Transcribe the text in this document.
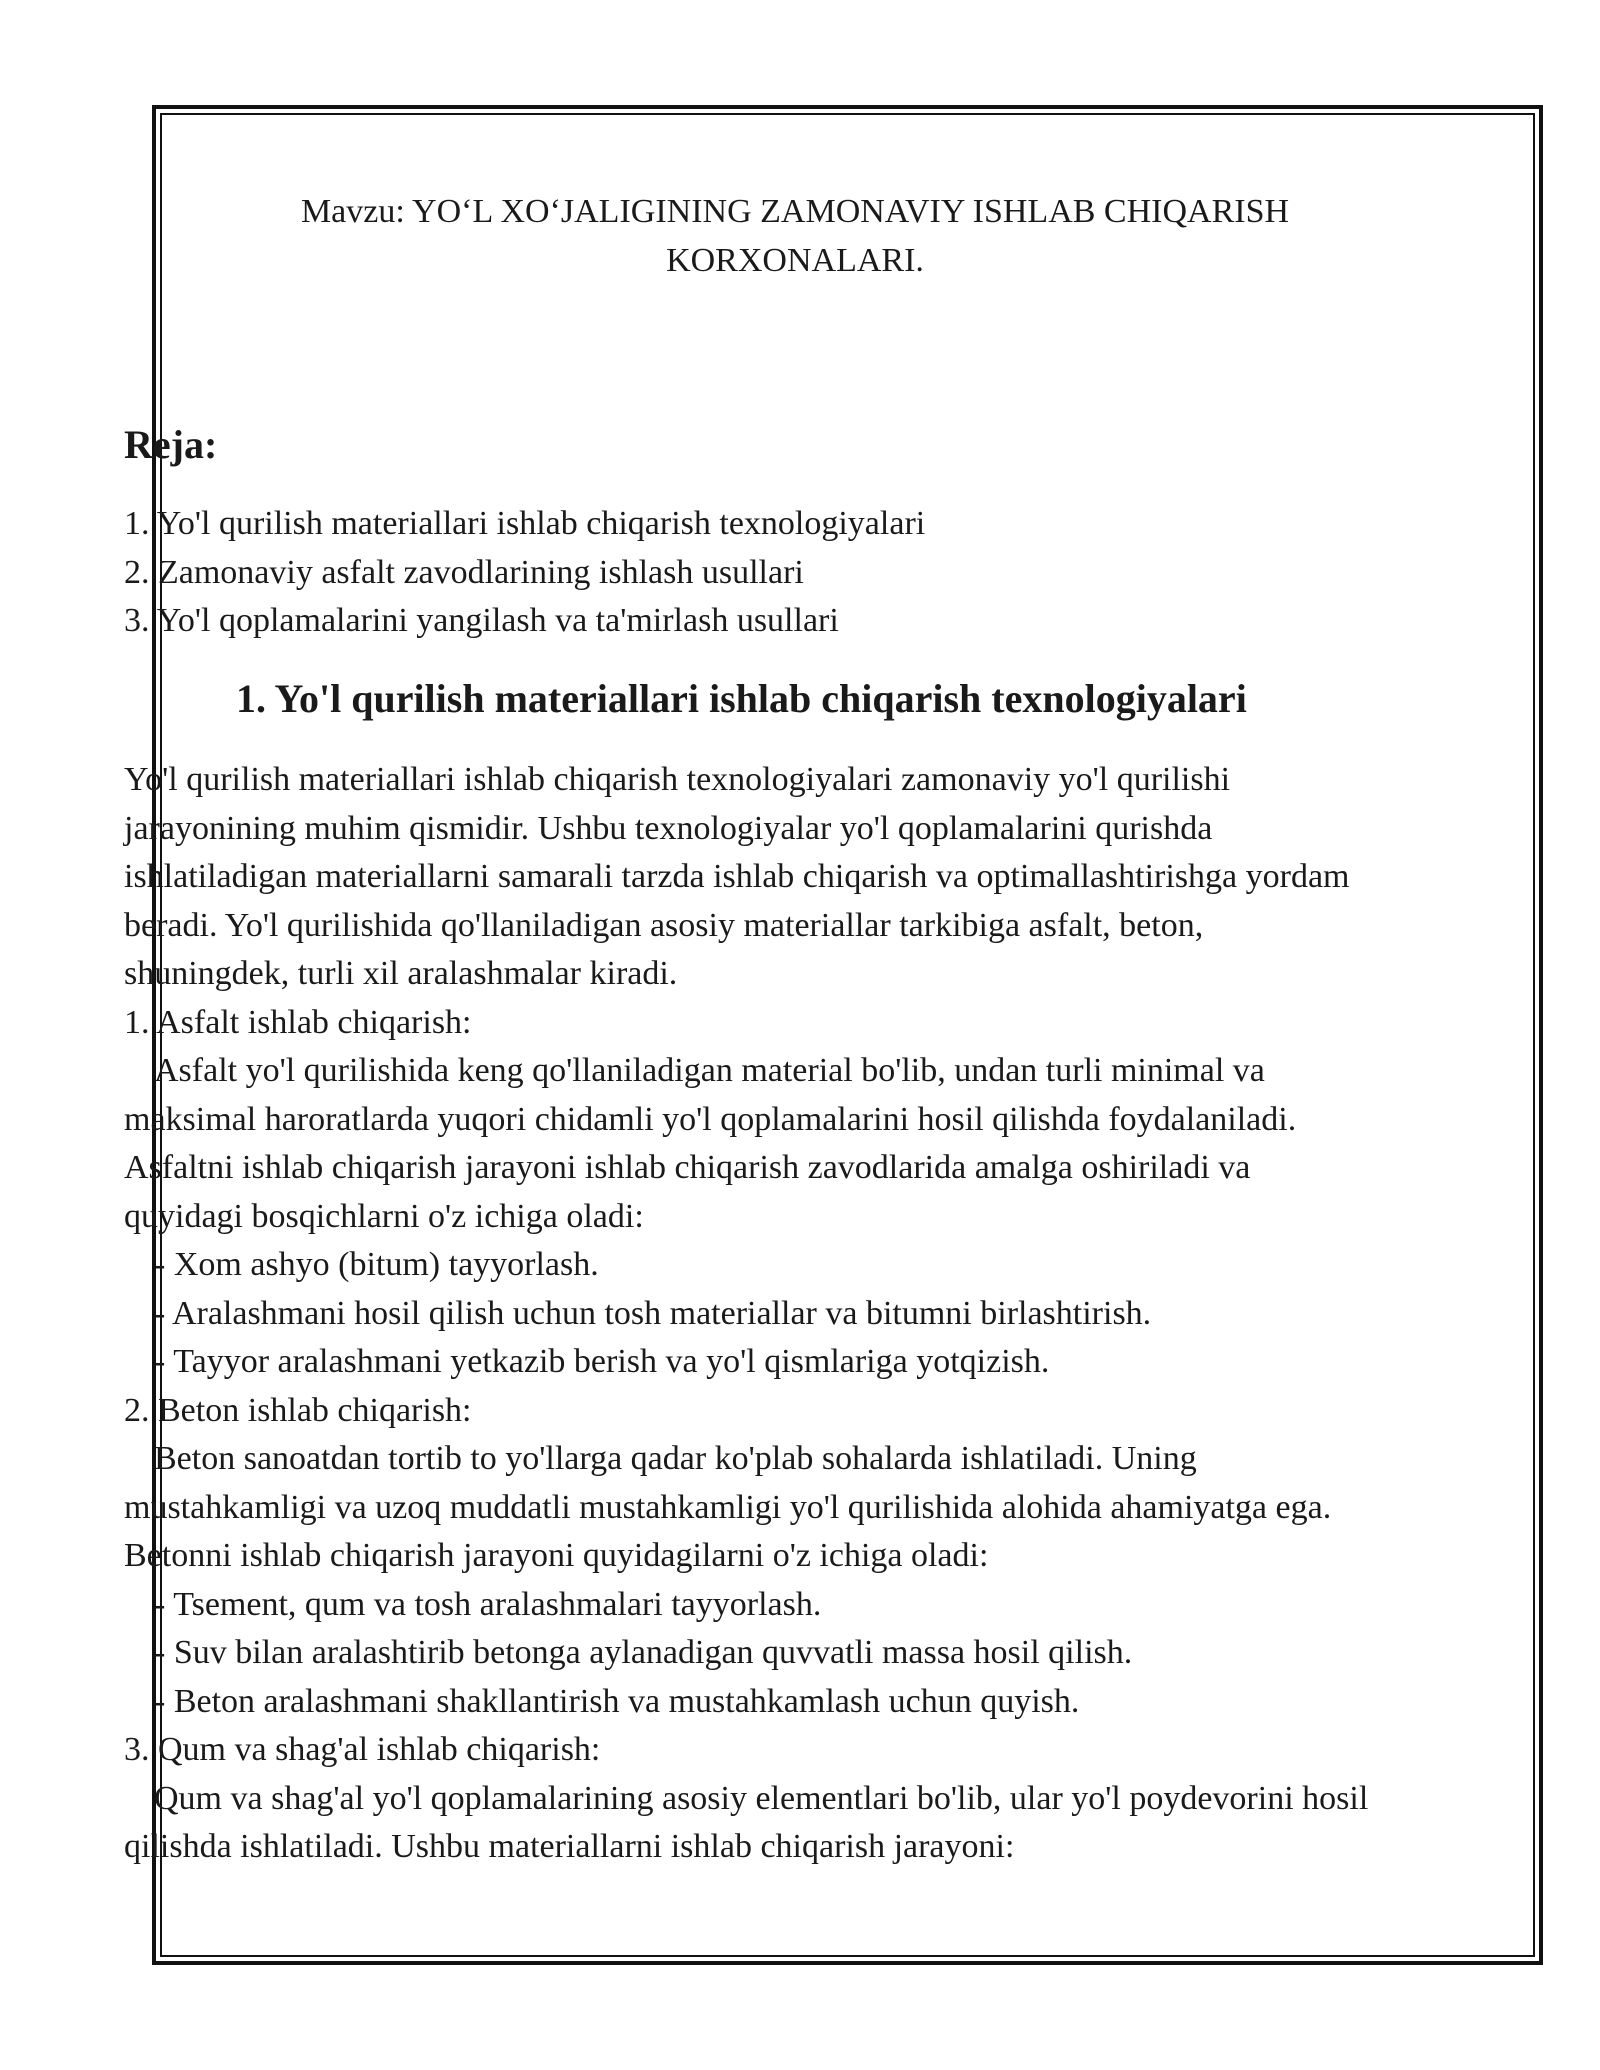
Mavzu: YO‘L XO‘JALIGINING ZAMONAVIY ISHLAB CHIQARISH
KORXONALARI.
Reja:
1. Yo'l qurilish materiallari ishlab chiqarish texnologiyalari
2. Zamonaviy asfalt zavodlarining ishlash usullari
3. Yo'l qoplamalarini yangilash va ta'mirlash usullari
1. Yo'l qurilish materiallari ishlab chiqarish texnologiyalari
Yo'l qurilish materiallari ishlab chiqarish texnologiyalari zamonaviy yo'l qurilishi
jarayonining muhim qismidir. Ushbu texnologiyalar yo'l qoplamalarini qurishda
ishlatiladigan materiallarni samarali tarzda ishlab chiqarish va optimallashtirishga yordam
beradi. Yo'l qurilishida qo'llaniladigan asosiy materiallar tarkibiga asfalt, beton,
shuningdek, turli xil aralashmalar kiradi.
1. Asfalt ishlab chiqarish:
Asfalt yo'l qurilishida keng qo'llaniladigan material bo'lib, undan turli minimal va
maksimal haroratlarda yuqori chidamli yo'l qoplamalarini hosil qilishda foydalaniladi.
Asfaltni ishlab chiqarish jarayoni ishlab chiqarish zavodlarida amalga oshiriladi va
quyidagi bosqichlarni o'z ichiga oladi:
- Xom ashyo (bitum) tayyorlash.
- Aralashmani hosil qilish uchun tosh materiallar va bitumni birlashtirish.
- Tayyor aralashmani yetkazib berish va yo'l qismlariga yotqizish.
2. Beton ishlab chiqarish:
Beton sanoatdan tortib to yo'llarga qadar ko'plab sohalarda ishlatiladi. Uning
mustahkamligi va uzoq muddatli mustahkamligi yo'l qurilishida alohida ahamiyatga ega.
Betonni ishlab chiqarish jarayoni quyidagilarni o'z ichiga oladi:
- Tsement, qum va tosh aralashmalari tayyorlash.
- Suv bilan aralashtirib betonga aylanadigan quvvatli massa hosil qilish.
- Beton aralashmani shakllantirish va mustahkamlash uchun quyish.
3. Qum va shag'al ishlab chiqarish:
Qum va shag'al yo'l qoplamalarining asosiy elementlari bo'lib, ular yo'l poydevorini hosil
qilishda ishlatiladi. Ushbu materiallarni ishlab chiqarish jarayoni:
